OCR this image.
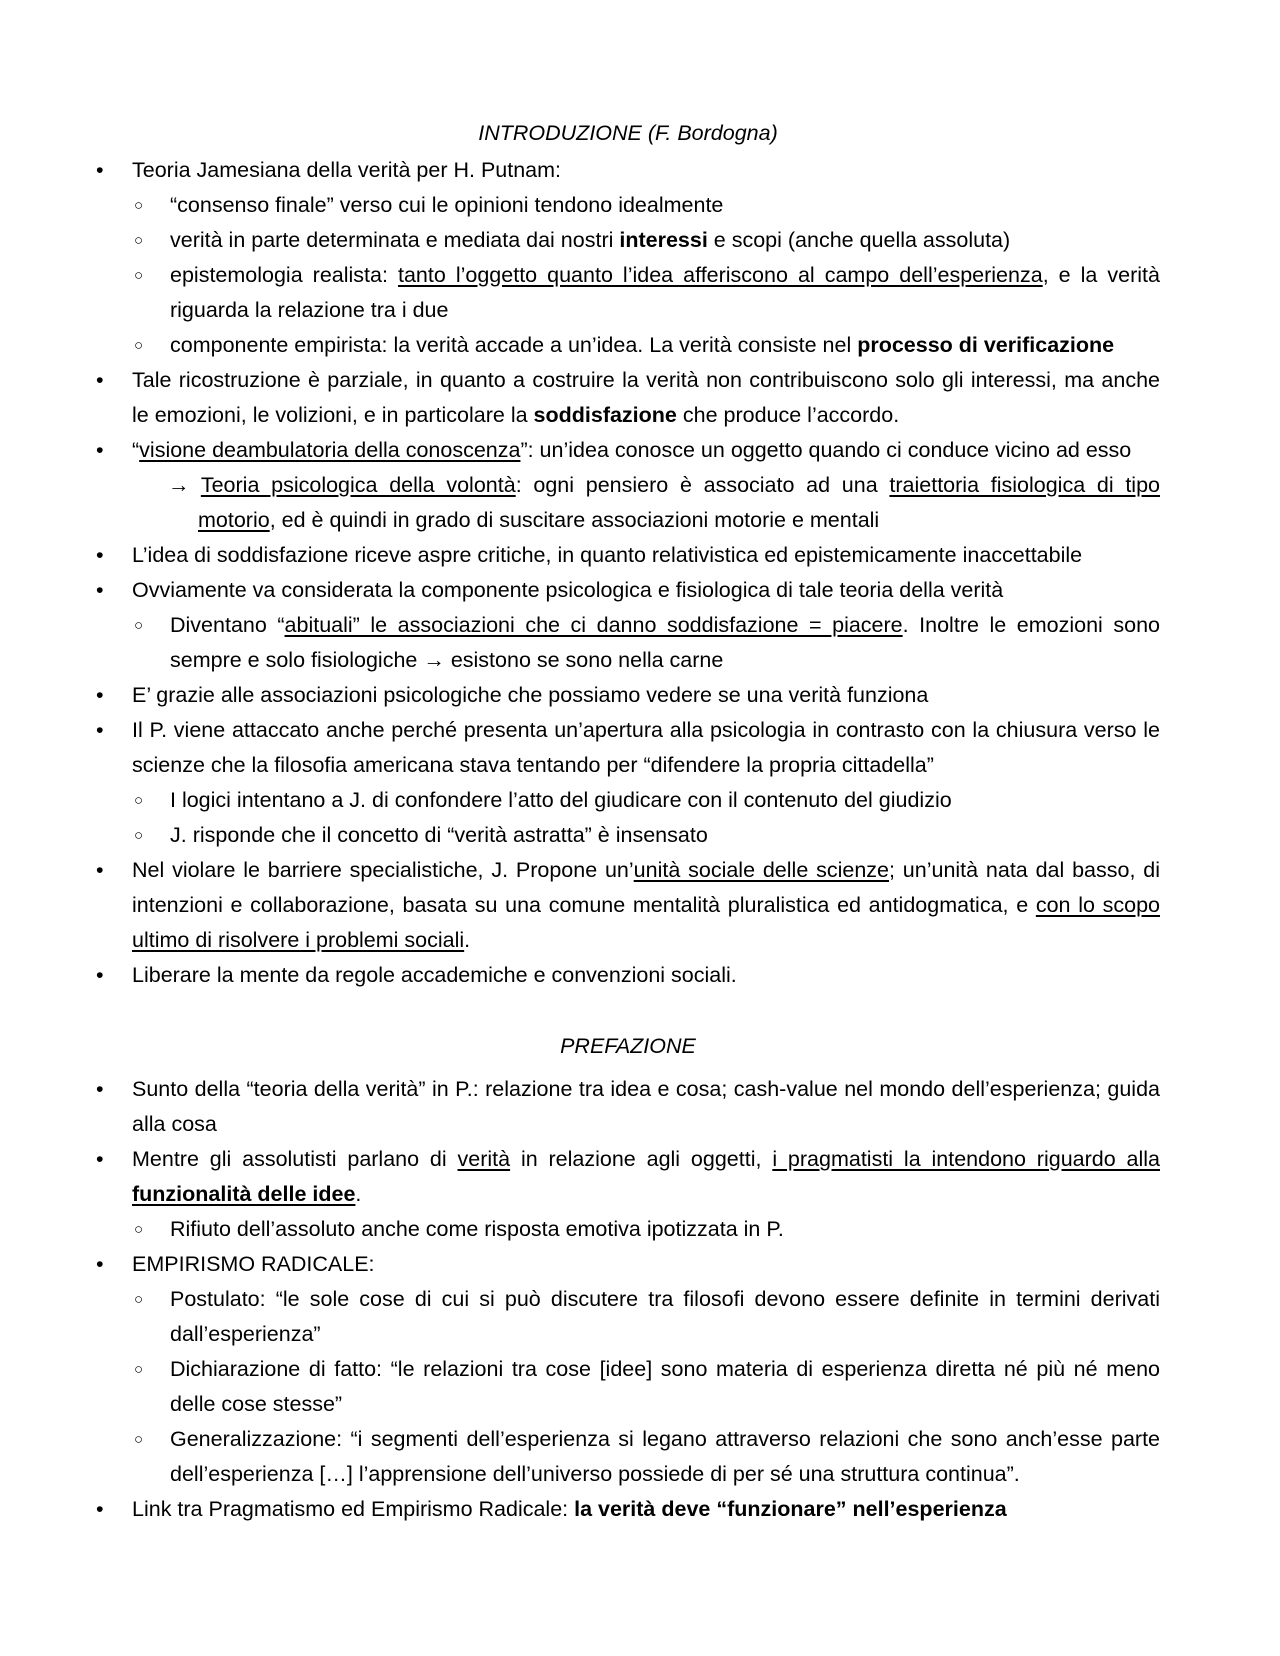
INTRODUZIONE (F. Bordogna)
• Teoria Jamesiana della verità per H. Putnam:
○ “consenso finale” verso cui le opinioni tendono idealmente
○ verità in parte determinata e mediata dai nostri interessi e scopi (anche quella assoluta)
○ epistemologia realista: tanto l’oggetto quanto l’idea afferiscono al campo dell’esperienza, e la verità riguarda la relazione tra i due
○ componente empirista: la verità accade a un’idea. La verità consiste nel processo di verificazione
• Tale ricostruzione è parziale, in quanto a costruire la verità non contribuiscono solo gli interessi, ma anche le emozioni, le volizioni, e in particolare la soddisfazione che produce l’accordo.
• “visione deambulatoria della conoscenza”: un’idea conosce un oggetto quando ci conduce vicino ad esso
→ Teoria psicologica della volontà: ogni pensiero è associato ad una traiettoria fisiologica di tipo motorio, ed è quindi in grado di suscitare associazioni motorie e mentali
• L’idea di soddisfazione riceve aspre critiche, in quanto relativistica ed epistemicamente inaccettabile
• Ovviamente va considerata la componente psicologica e fisiologica di tale teoria della verità
○ Diventano “abituali” le associazioni che ci danno soddisfazione = piacere. Inoltre le emozioni sono sempre e solo fisiologiche → esistono se sono nella carne
• E’ grazie alle associazioni psicologiche che possiamo vedere se una verità funziona
• Il P. viene attaccato anche perché presenta un’apertura alla psicologia in contrasto con la chiusura verso le scienze che la filosofia americana stava tentando per “difendere la propria cittadella”
○ I logici intentano a J. di confondere l’atto del giudicare con il contenuto del giudizio
○ J. risponde che il concetto di “verità astratta” è insensato
• Nel violare le barriere specialistiche, J. Propone un’unità sociale delle scienze; un’unità nata dal basso, di intenzioni e collaborazione, basata su una comune mentalità pluralistica ed antidogmatica, e con lo scopo ultimo di risolvere i problemi sociali.
• Liberare la mente da regole accademiche e convenzioni sociali.
PREFAZIONE
• Sunto della “teoria della verità” in P.: relazione tra idea e cosa; cash-value nel mondo dell’esperienza; guida alla cosa
• Mentre gli assolutisti parlano di verità in relazione agli oggetti, i pragmatisti la intendono riguardo alla funzionalità delle idee.
○ Rifiuto dell’assoluto anche come risposta emotiva ipotizzata in P.
• EMPIRISMO RADICALE:
○ Postulato: “le sole cose di cui si può discutere tra filosofi devono essere definite in termini derivati dall’esperienza”
○ Dichiarazione di fatto: “le relazioni tra cose [idee] sono materia di esperienza diretta né più né meno delle cose stesse”
○ Generalizzazione: “i segmenti dell’esperienza si legano attraverso relazioni che sono anch’esse parte dell’esperienza […] l’apprensione dell’universo possiede di per sé una struttura continua”.
• Link tra Pragmatismo ed Empirismo Radicale: la verità deve “funzionare” nell’esperienza
